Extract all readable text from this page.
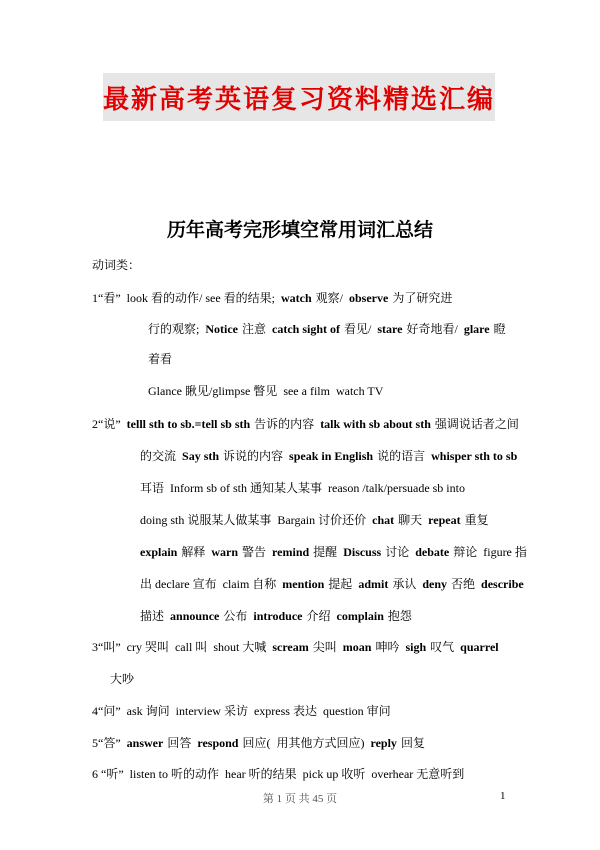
最新高考英语复习资料精选汇编
历年高考完形填空常用词汇总结
动词类：
1“看” look 看的动作/ see 看的结果; watch 观察/ observe 为了研究进
行的观察; Notice 注意 catch sight of 看见/ stare 好奇地看/ glare 瞪
着看
Glance 瞅见/glimpse 瞥见 see a film watch TV
2“说” telll sth to sb.=tell sb sth 告诉的内容 talk with sb about sth 强调说话者之间
的交流 Say sth 诉说的内容 speak in English 说的语言 whisper sth to sb
耳语 Inform sb of sth 通知某人某事 reason /talk/persuade sb into
doing sth 说服某人做某事 Bargain 讨价还价 chat 聊天 repeat 重复
explain 解释 warn 警告 remind 提醒 Discuss 讨论 debate 辩论 figure 指
出 declare 宣布 claim 自称 mention 提起 admit 承认 deny 否绝 describe
描述 announce 公布 introduce 介绍 complain 抱怨
3“叫” cry 哭叫 call 叫 shout 大喊 scream 尖叫 moan 呻吟 sigh 叹气 quarrel
大吵
4“问” ask 询问 interview 采访 express 表达 question 审问
5“答” answer 回答 respond 回应( 用其他方式回应) reply 回复
6 “听” listen to 听的动作 hear 听的结果 pick up 收听 overhear 无意听到
第 1 页 共 45 页	1
